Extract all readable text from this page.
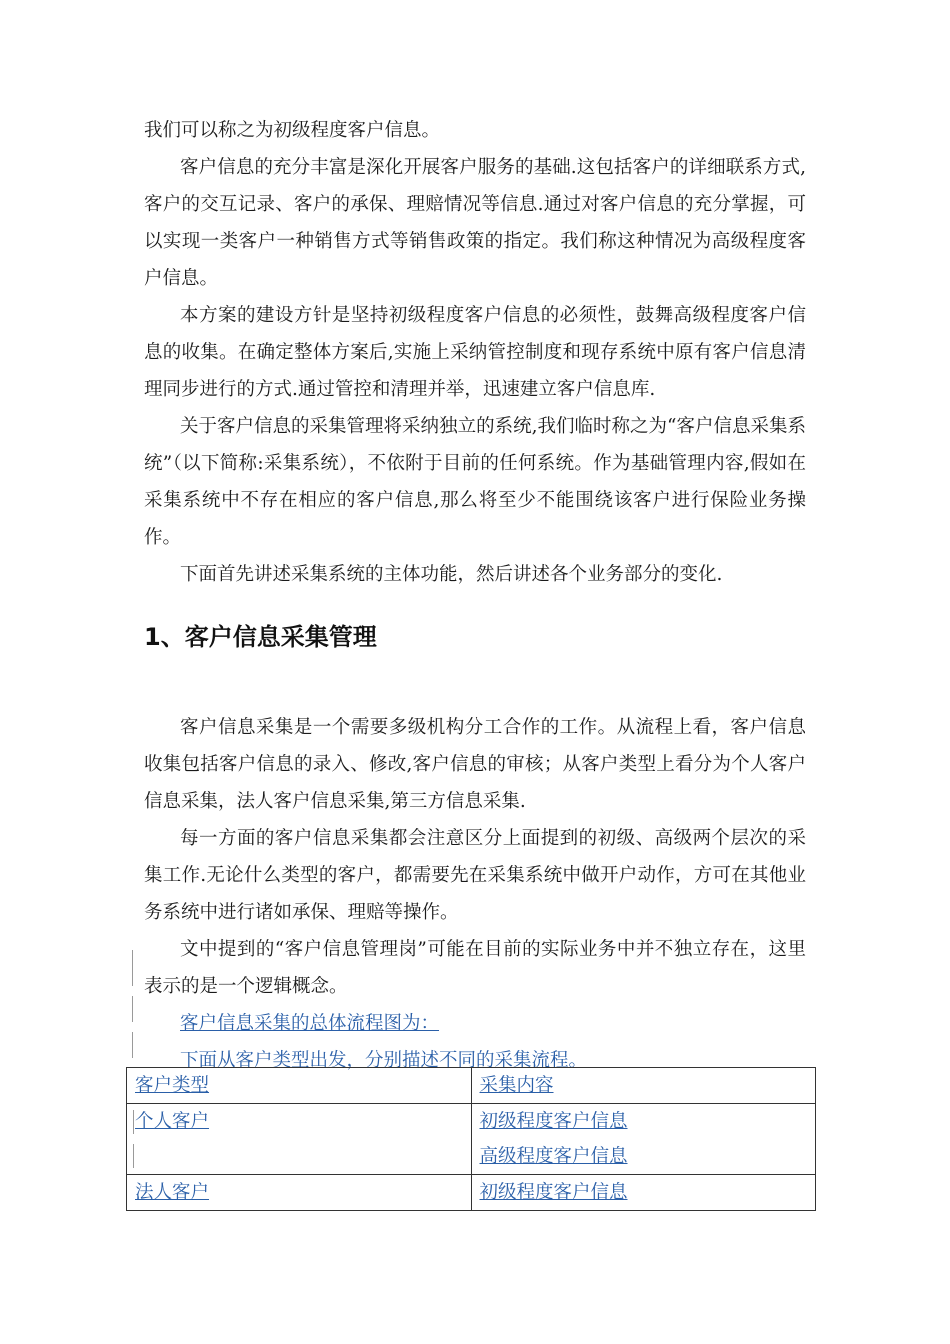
我们可以称之为初级程度客户信息。

客户信息的充分丰富是深化开展客户服务的基础.这包括客户的详细联系方式,客户的交互记录、客户的承保、理赔情况等信息.通过对客户信息的充分掌握，可以实现一类客户一种销售方式等销售政策的指定。我们称这种情况为高级程度客户信息。

本方案的建设方针是坚持初级程度客户信息的必须性，鼓舞高级程度客户信息的收集。在确定整体方案后,实施上采纳管控制度和现存系统中原有客户信息清理同步进行的方式.通过管控和清理并举，迅速建立客户信息库.

关于客户信息的采集管理将采纳独立的系统,我们临时称之为“客户信息采集系统”（以下简称:采集系统），不依附于目前的任何系统。作为基础管理内容,假如在采集系统中不存在相应的客户信息,那么将至少不能围绕该客户进行保险业务操作。

下面首先讲述采集系统的主体功能，然后讲述各个业务部分的变化.

1、客户信息采集管理

客户信息采集是一个需要多级机构分工合作的工作。从流程上看，客户信息收集包括客户信息的录入、修改,客户信息的审核；从客户类型上看分为个人客户信息采集，法人客户信息采集,第三方信息采集.

每一方面的客户信息采集都会注意区分上面提到的初级、高级两个层次的采集工作.无论什么类型的客户，都需要先在采集系统中做开户动作，方可在其他业务系统中进行诸如承保、理赔等操作。

文中提到的“客户信息管理岗”可能在目前的实际业务中并不独立存在，这里表示的是一个逻辑概念。

客户信息采集的总体流程图为：

下面从客户类型出发，分别描述不同的采集流程。

客户类型	采集内容

个人客户	初级程度客户信息
高级程度客户信息

法人客户	初级程度客户信息
